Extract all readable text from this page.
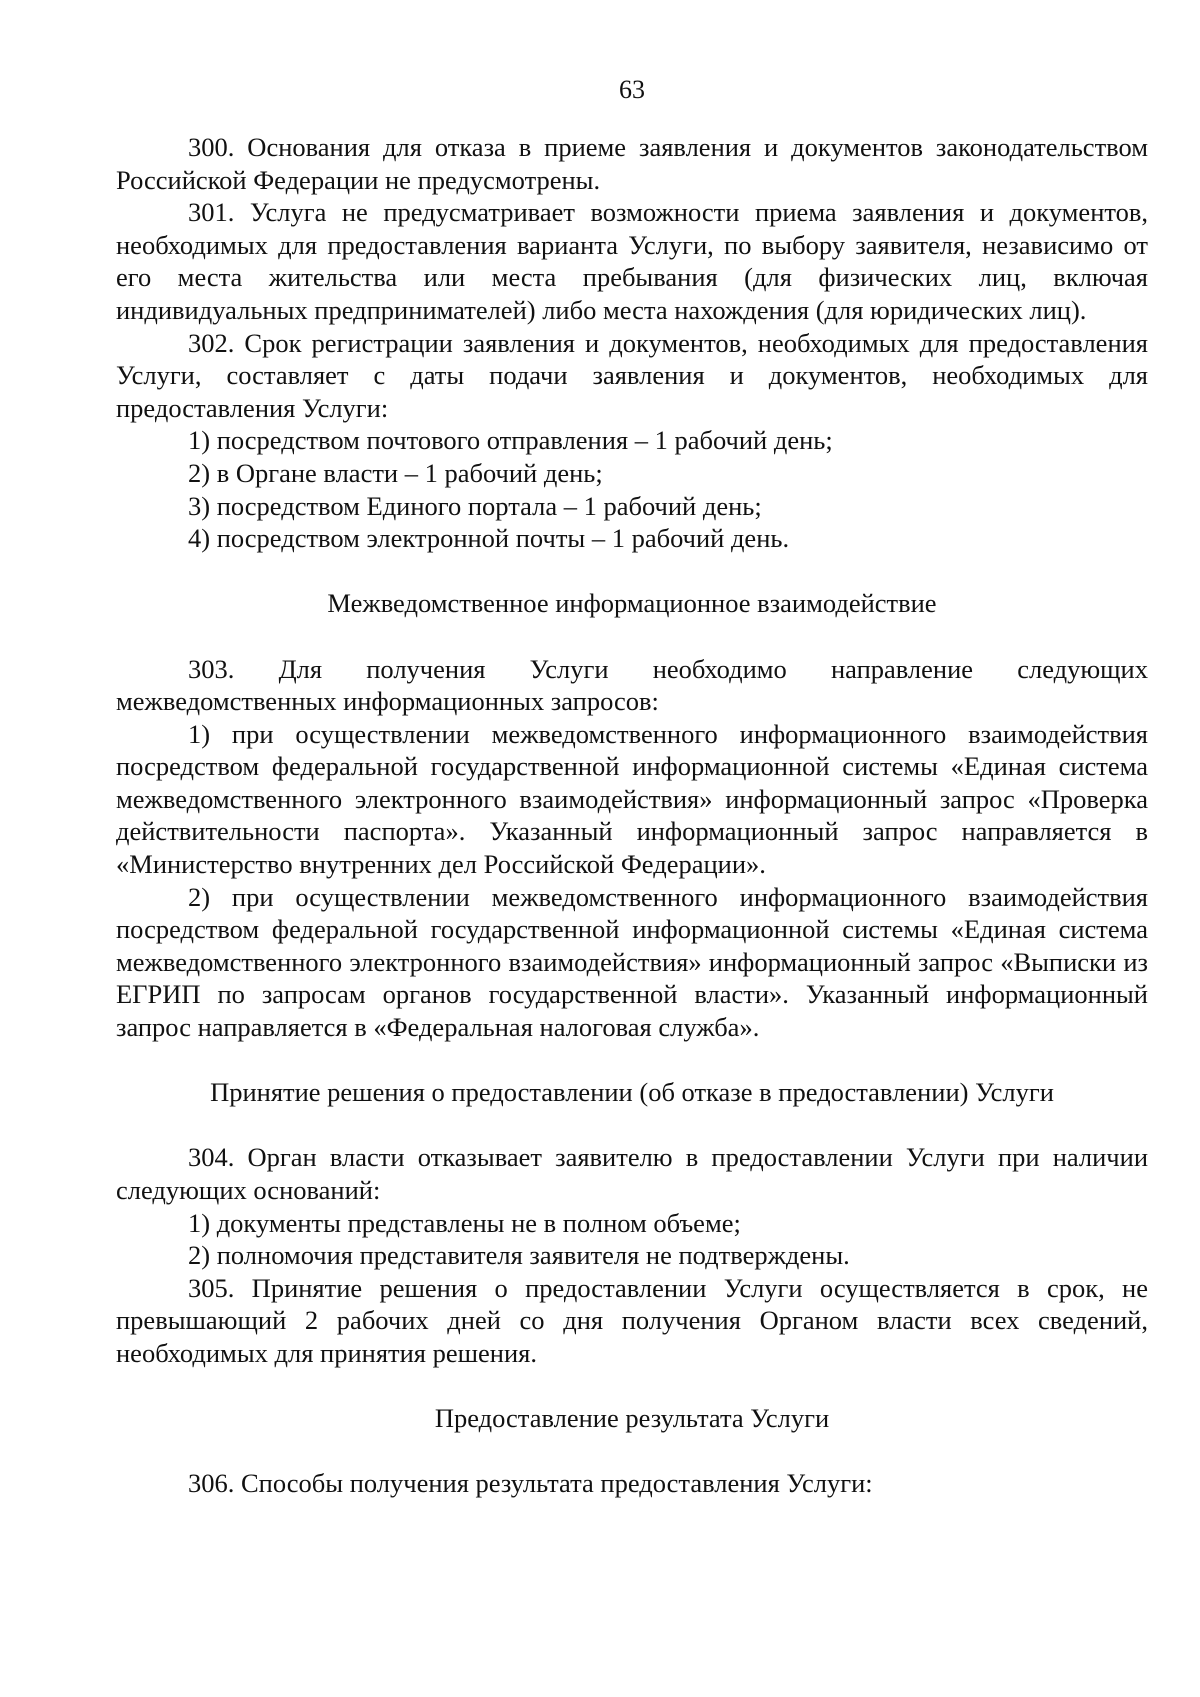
63

300. Основания для отказа в приеме заявления и документов законодательством Российской Федерации не предусмотрены.

301. Услуга не предусматривает возможности приема заявления и документов, необходимых для предоставления варианта Услуги, по выбору заявителя, независимо от его места жительства или места пребывания (для физических лиц, включая индивидуальных предпринимателей) либо места нахождения (для юридических лиц).

302. Срок регистрации заявления и документов, необходимых для предоставления Услуги, составляет с даты подачи заявления и документов, необходимых для предоставления Услуги:

1) посредством почтового отправления – 1 рабочий день;

2) в Органе власти – 1 рабочий день;

3) посредством Единого портала – 1 рабочий день;

4) посредством электронной почты – 1 рабочий день.

Межведомственное информационное взаимодействие

303. Для получения Услуги необходимо направление следующих межведомственных информационных запросов:

1) при осуществлении межведомственного информационного взаимодействия посредством федеральной государственной информационной системы «Единая система межведомственного электронного взаимодействия» информационный запрос «Проверка действительности паспорта». Указанный информационный запрос направляется в «Министерство внутренних дел Российской Федерации».

2) при осуществлении межведомственного информационного взаимодействия посредством федеральной государственной информационной системы «Единая система межведомственного электронного взаимодействия» информационный запрос «Выписки из ЕГРИП по запросам органов государственной власти». Указанный информационный запрос направляется в «Федеральная налоговая служба».

Принятие решения о предоставлении (об отказе в предоставлении) Услуги

304. Орган власти отказывает заявителю в предоставлении Услуги при наличии следующих оснований:

1) документы представлены не в полном объеме;

2) полномочия представителя заявителя не подтверждены.

305. Принятие решения о предоставлении Услуги осуществляется в срок, не превышающий 2 рабочих дней со дня получения Органом власти всех сведений, необходимых для принятия решения.

Предоставление результата Услуги

306. Способы получения результата предоставления Услуги:
